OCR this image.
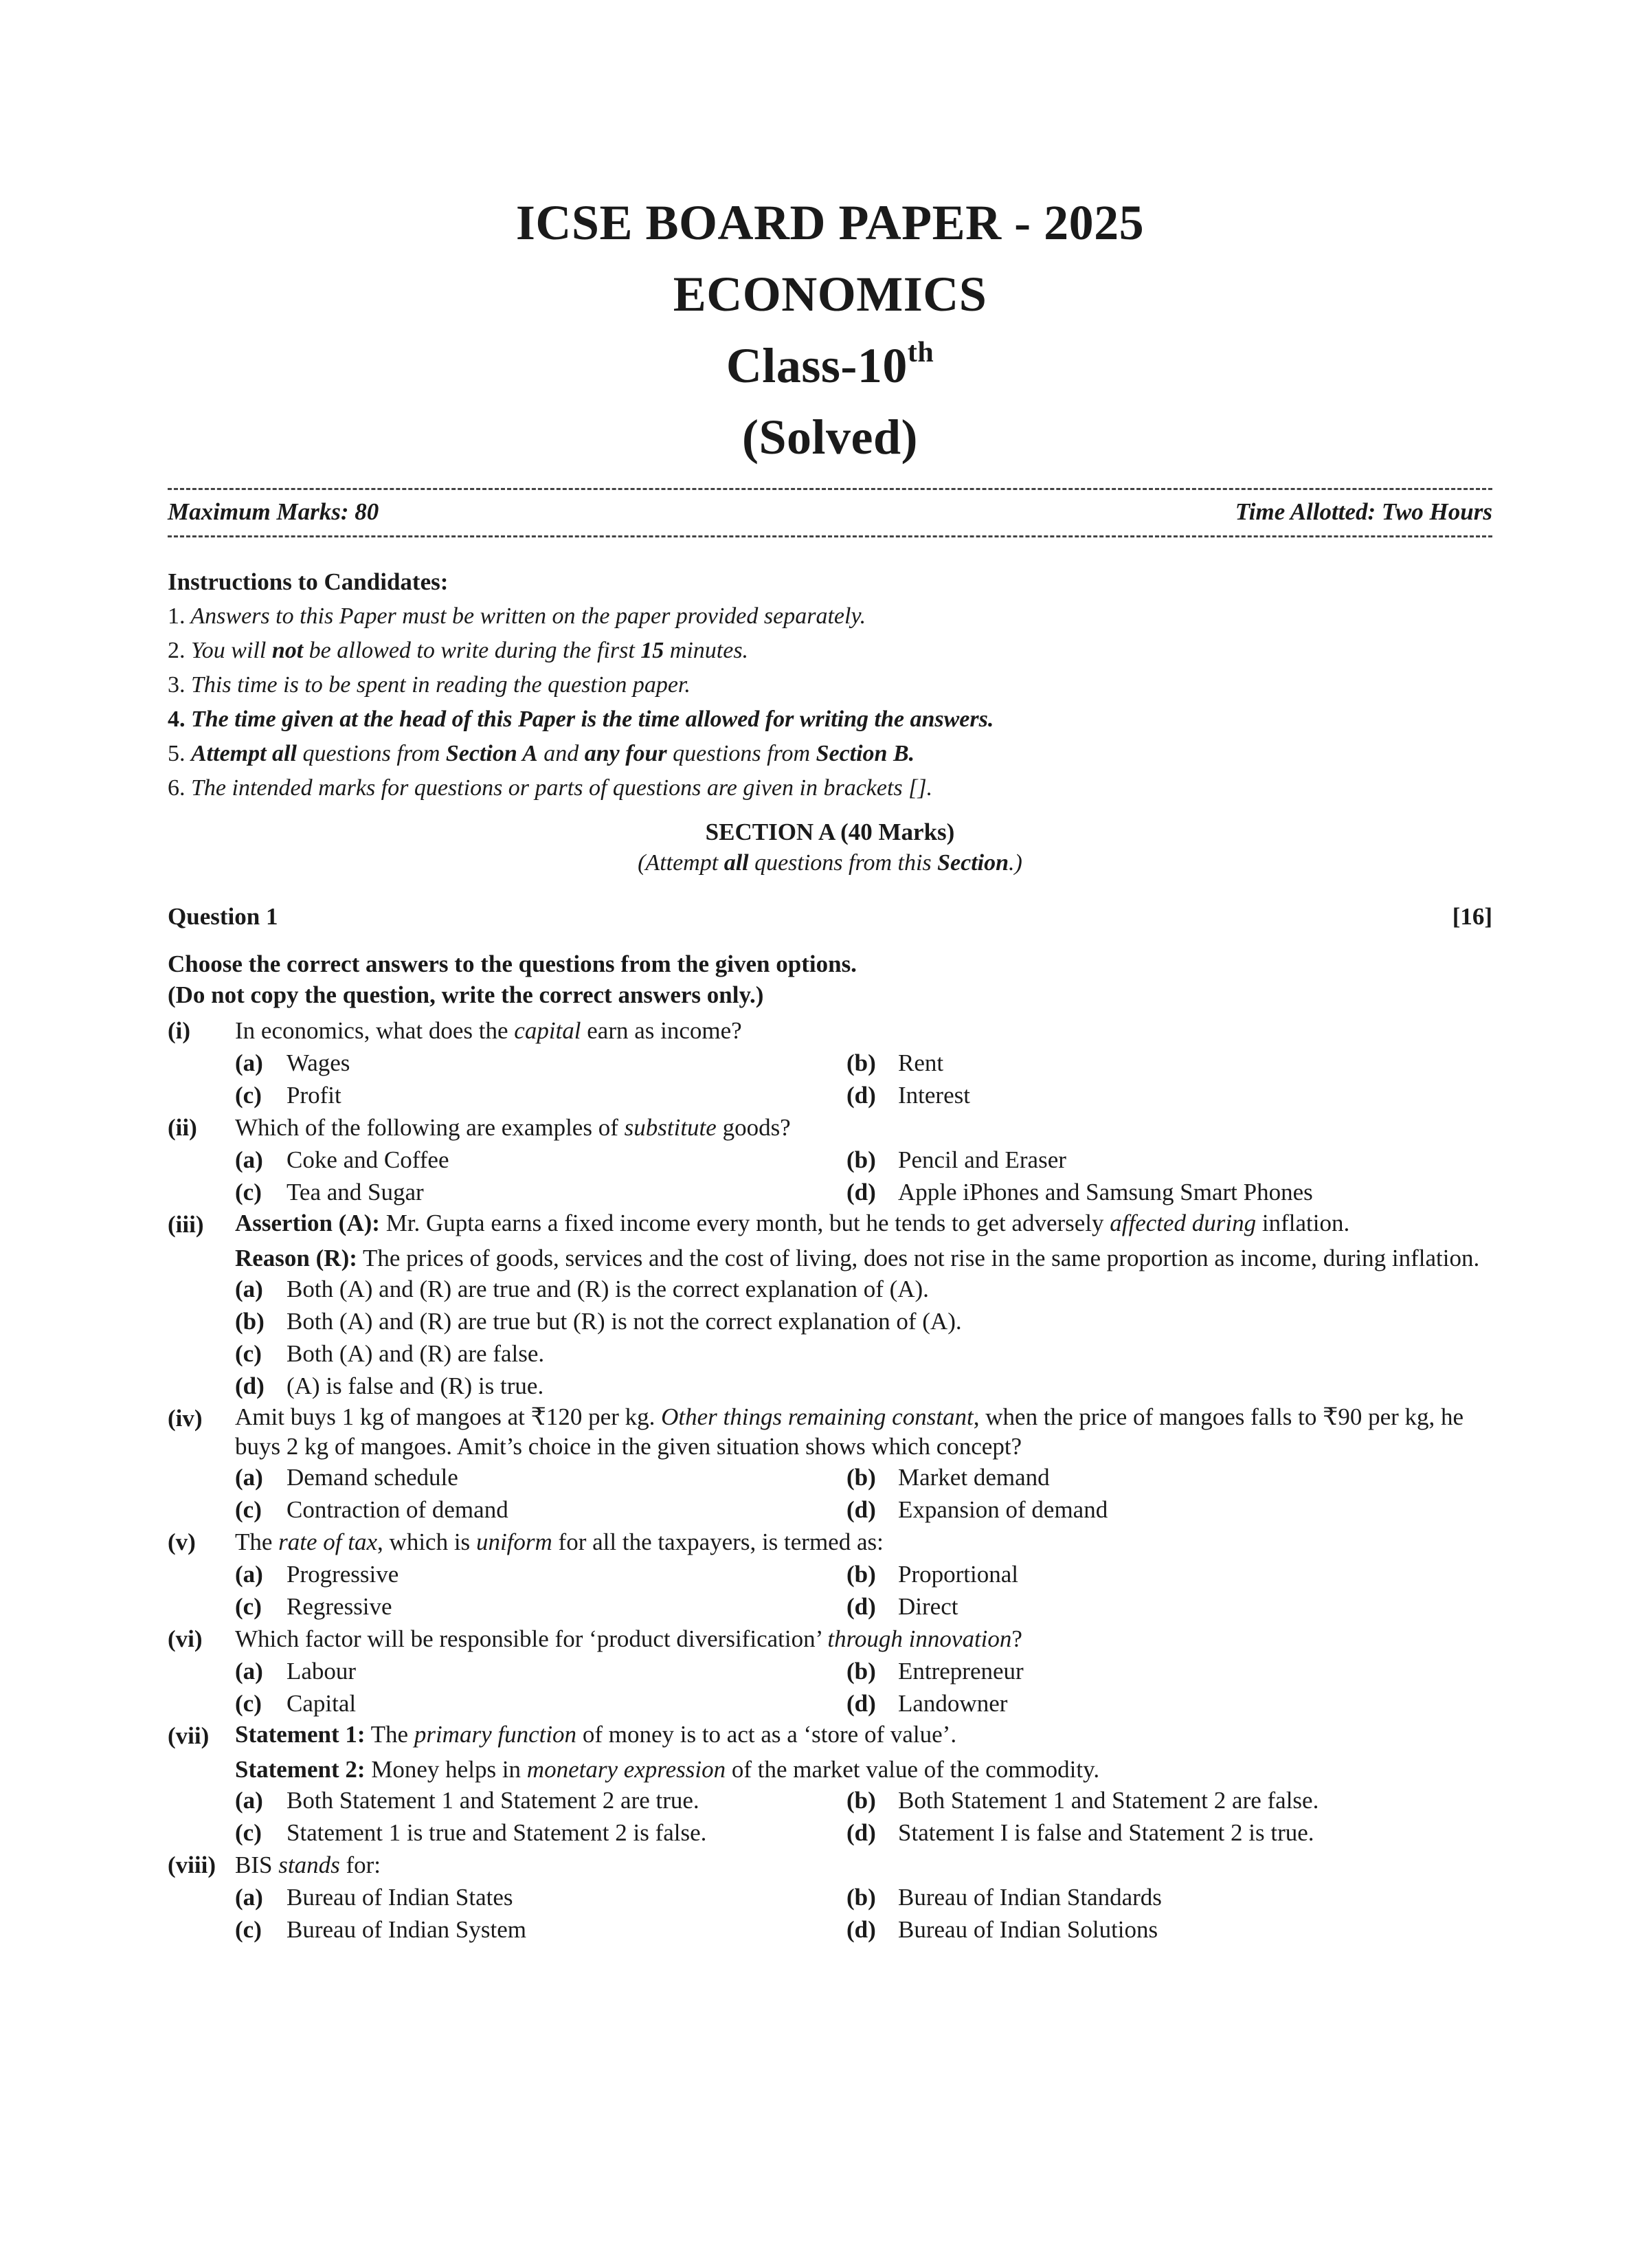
ICSE BOARD PAPER - 2025
ECONOMICS
Class-10th
(Solved)
Maximum Marks: 80	Time Allotted: Two Hours
Instructions to Candidates:
1. Answers to this Paper must be written on the paper provided separately.
2. You will not be allowed to write during the first 15 minutes.
3. This time is to be spent in reading the question paper.
4. The time given at the head of this Paper is the time allowed for writing the answers.
5. Attempt all questions from Section A and any four questions from Section B.
6. The intended marks for questions or parts of questions are given in brackets [].
SECTION A (40 Marks)
(Attempt all questions from this Section.)
Question 1	[16]
Choose the correct answers to the questions from the given options.
(Do not copy the question, write the correct answers only.)
(i)	In economics, what does the capital earn as income?
(a) Wages	(b) Rent
(c)	Profit	(d) Interest
(ii)	Which of the following are examples of substitute goods?
(a) Coke and Coffee	(b) Pencil and Eraser
(c)	Tea and Sugar	(d) Apple iPhones and Samsung Smart Phones
(iii)	Assertion (A): Mr. Gupta earns a fixed income every month, but he tends to get adversely affected during inflation.
Reason (R): The prices of goods, services and the cost of living, does not rise in the same proportion as income, during inflation.
(a) Both (A) and (R) are true and (R) is the correct explanation of (A).
(b) Both (A) and (R) are true but (R) is not the correct explanation of (A).
(c)	Both (A) and (R) are false.
(d) (A) is false and (R) is true.
(iv)	Amit buys 1 kg of mangoes at ₹120 per kg. Other things remaining constant, when the price of mangoes falls to ₹90 per kg, he buys 2 kg of mangoes. Amit’s choice in the given situation shows which concept?
(a) Demand schedule	(b) Market demand
(c)	Contraction of demand	(d) Expansion of demand
(v)	The rate of tax, which is uniform for all the taxpayers, is termed as:
(a) Progressive	(b) Proportional
(c)	Regressive	(d) Direct
(vi)	Which factor will be responsible for ‘product diversification’ through innovation?
(a) Labour	(b) Entrepreneur
(c)	Capital	(d) Landowner
(vii)	Statement 1: The primary function of money is to act as a ‘store of value’.
Statement 2: Money helps in monetary expression of the market value of the commodity.
(a) Both Statement 1 and Statement 2 are true.	(b) Both Statement 1 and Statement 2 are false.
(c)	Statement 1 is true and Statement 2 is false.	(d) Statement I is false and Statement 2 is true.
(viii) BIS stands for:
(a) Bureau of Indian States	(b) Bureau of Indian Standards
(c)	Bureau of Indian System	(d) Bureau of Indian Solutions
